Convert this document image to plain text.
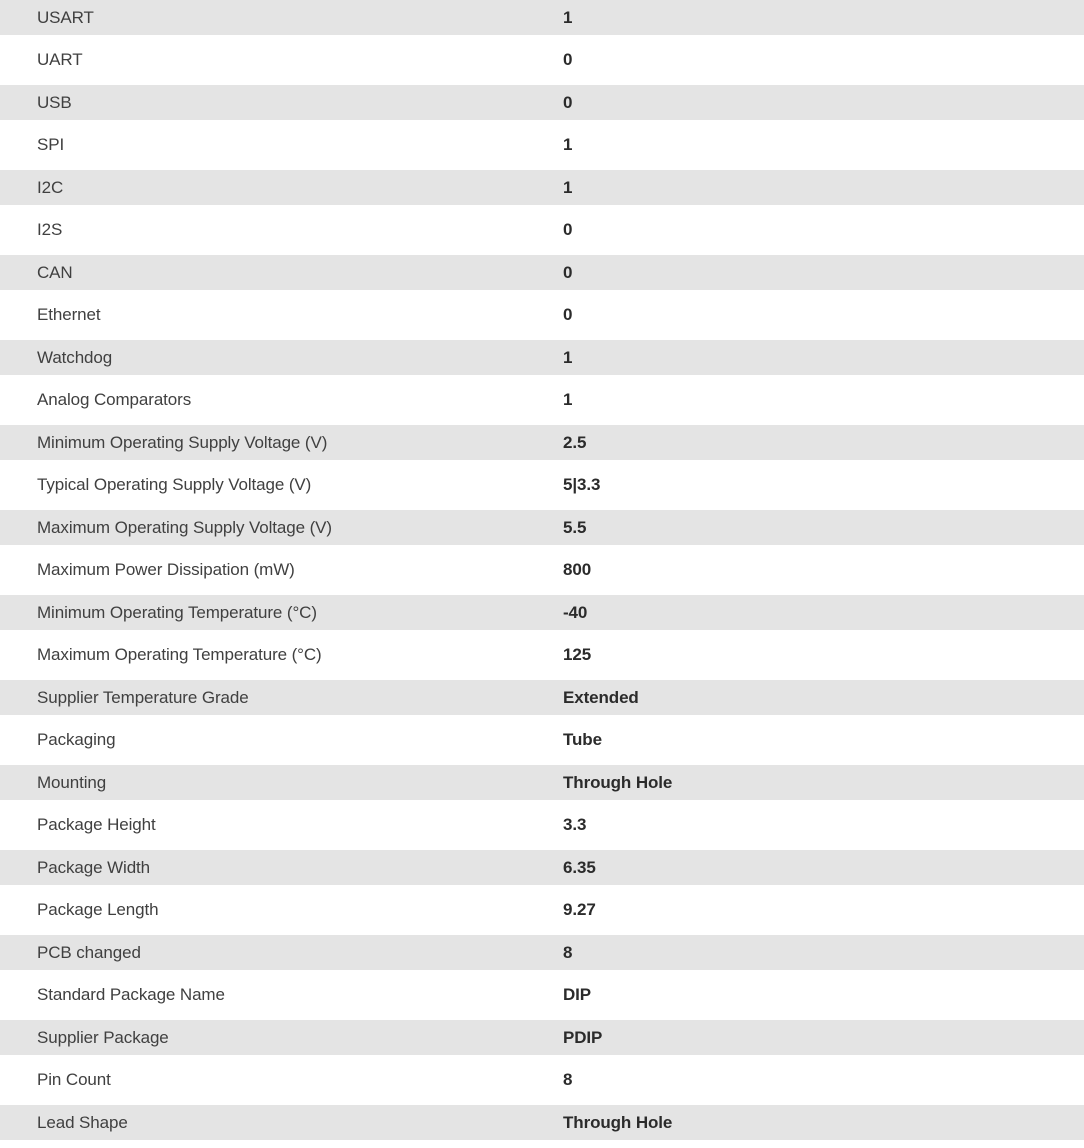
USART	1
UART	0
USB	0
SPI	1
I2C	1
I2S	0
CAN	0
Ethernet	0
Watchdog	1
Analog Comparators	1
Minimum Operating Supply Voltage (V)	2.5
Typical Operating Supply Voltage (V)	5|3.3
Maximum Operating Supply Voltage (V)	5.5
Maximum Power Dissipation (mW)	800
Minimum Operating Temperature (°C)	-40
Maximum Operating Temperature (°C)	125
Supplier Temperature Grade	Extended
Packaging	Tube
Mounting	Through Hole
Package Height	3.3
Package Width	6.35
Package Length	9.27
PCB changed	8
Standard Package Name	DIP
Supplier Package	PDIP
Pin Count	8
Lead Shape	Through Hole
